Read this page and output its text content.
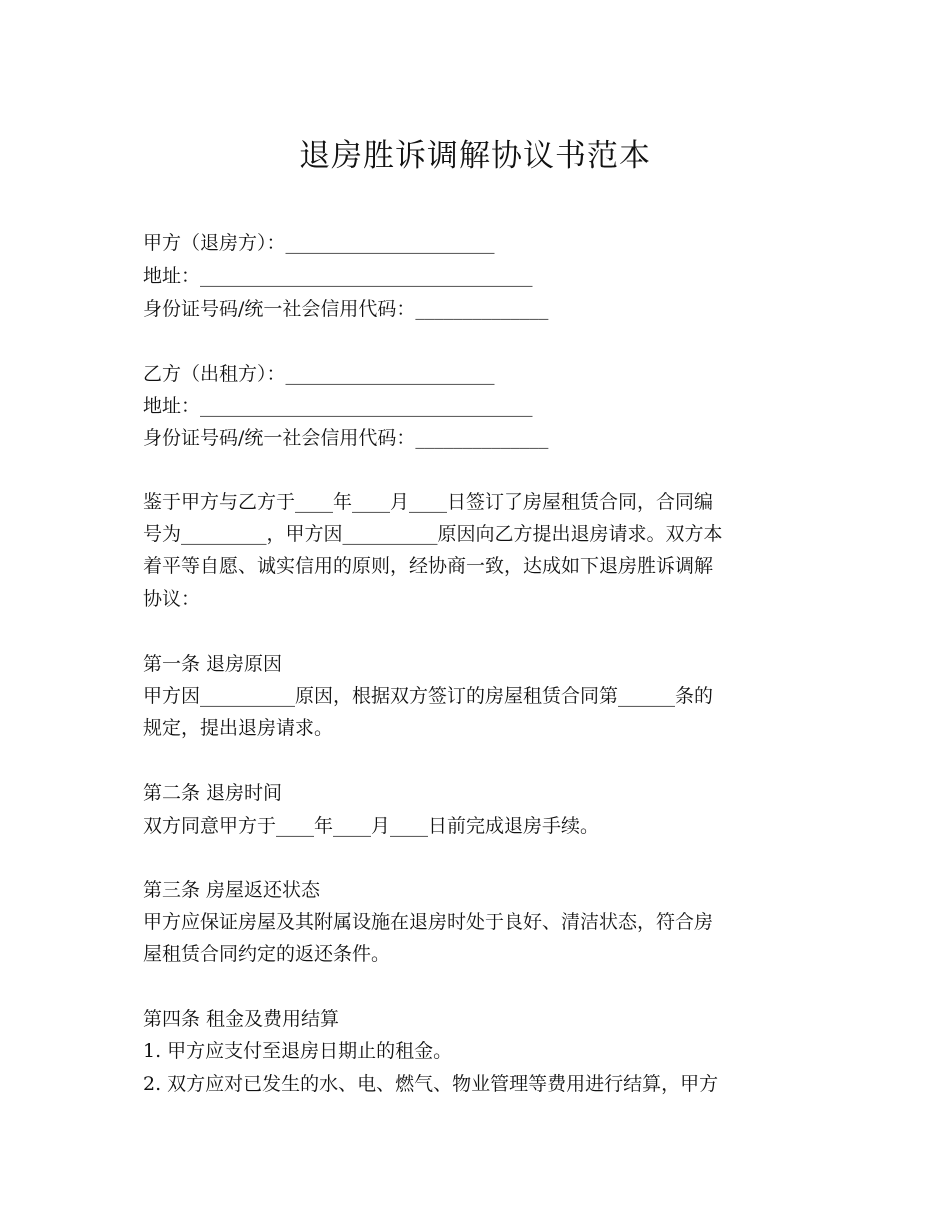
退房胜诉调解协议书范本
甲方（退房方）：______________________
地址：___________________________________
身份证号码/统一社会信用代码：______________
乙方（出租方）：______________________
地址：___________________________________
身份证号码/统一社会信用代码：______________
鉴于甲方与乙方于____年____月____日签订了房屋租赁合同，合同编
号为_________，甲方因__________原因向乙方提出退房请求。双方本
着平等自愿、诚实信用的原则，经协商一致，达成如下退房胜诉调解
协议：
第一条 退房原因
甲方因__________原因，根据双方签订的房屋租赁合同第______条的
规定，提出退房请求。
第二条 退房时间
双方同意甲方于____年____月____日前完成退房手续。
第三条 房屋返还状态
甲方应保证房屋及其附属设施在退房时处于良好、清洁状态，符合房
屋租赁合同约定的返还条件。
第四条 租金及费用结算
1. 甲方应支付至退房日期止的租金。
2. 双方应对已发生的水、电、燃气、物业管理等费用进行结算，甲方
